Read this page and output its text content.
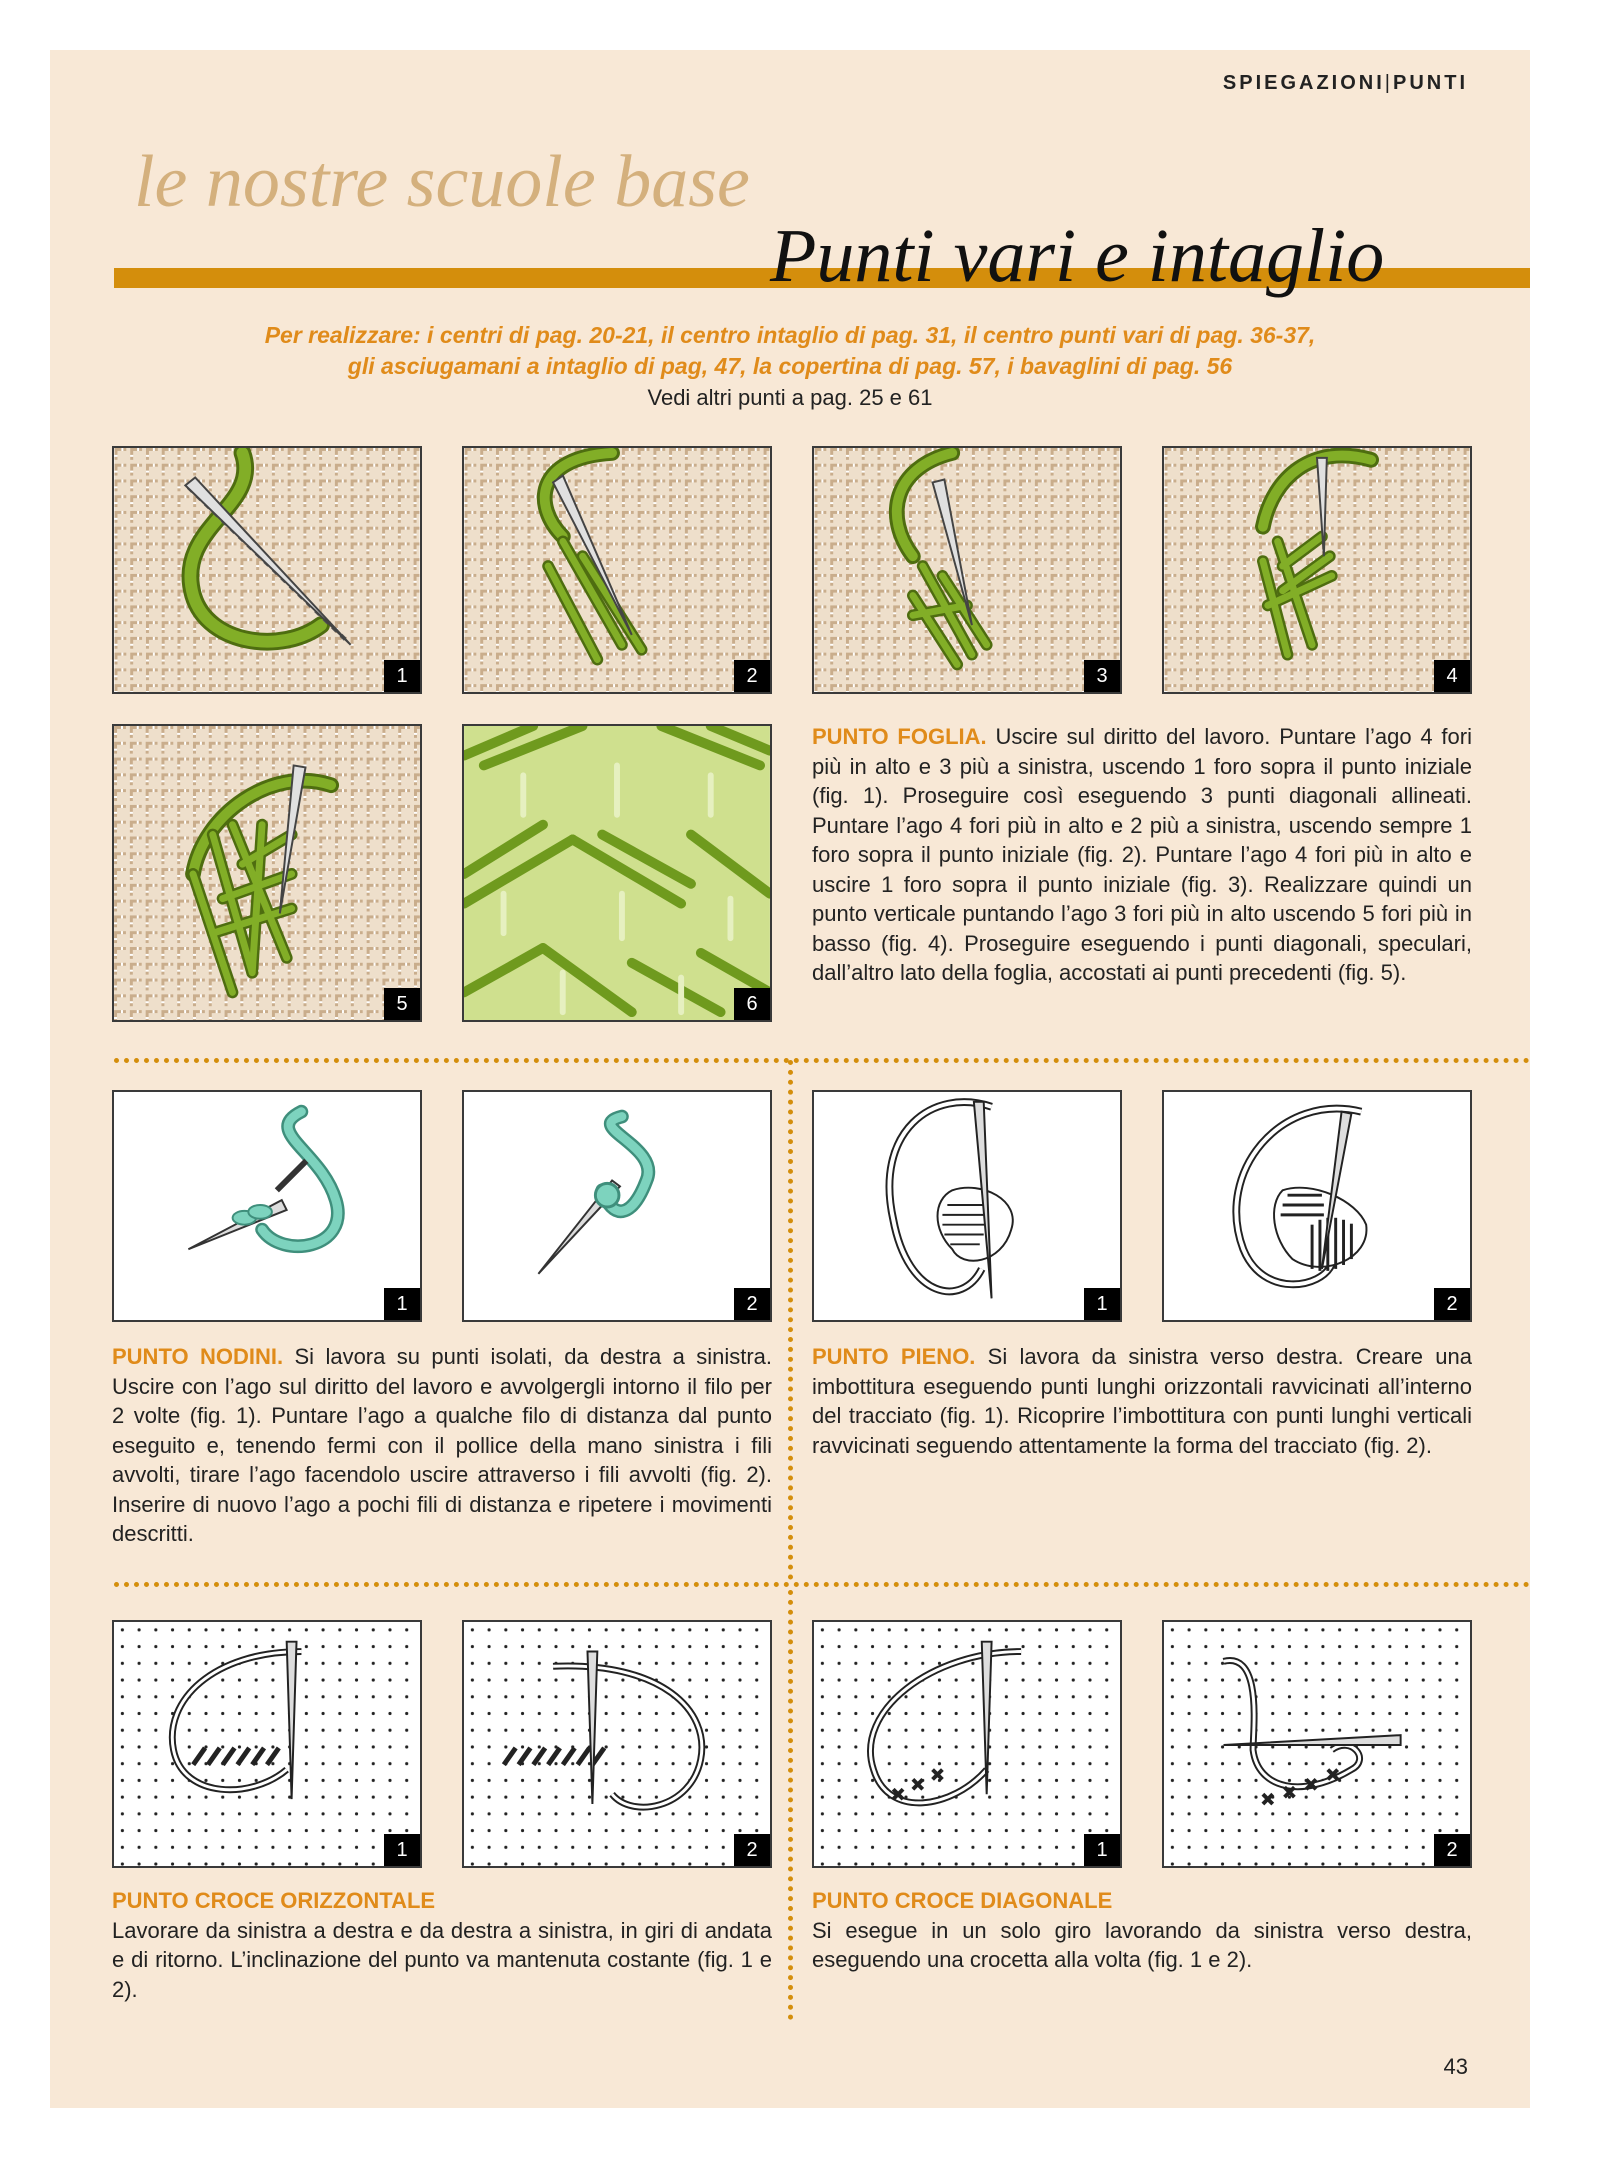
SPIEGAZIONI|PUNTI
le nostre scuole base
Punti vari e intaglio
Per realizzare: i centri di pag. 20-21, il centro intaglio di pag. 31, il centro punti vari di pag. 36-37,
gli asciugamani a intaglio di pag, 47, la copertina di pag. 57, i bavaglini di pag. 56
Vedi altri punti a pag. 25 e 61
1	2	3	4
5	6
PUNTO FOGLIA. Uscire sul diritto del lavoro. Puntare l’ago 4 fori più in alto e 3 più a sinistra, uscendo 1 foro sopra il punto iniziale (fig. 1). Proseguire così eseguendo 3 punti diagonali allineati. Puntare l’ago 4 fori più in alto e 2 più a sinistra, uscendo sempre 1 foro sopra il punto iniziale (fig. 2). Puntare l’ago 4 fori più in alto e uscire 1 foro sopra il punto iniziale (fig. 3). Realizzare quindi un punto verticale puntando l’ago 3 fori più in alto uscendo 5 fori più in basso (fig. 4). Proseguire eseguendo i punti diagonali, speculari, dall’altro lato della foglia, accostati ai punti precedenti (fig. 5).
1	2	1	2
PUNTO NODINI. Si lavora su punti isolati, da destra a sinistra. Uscire con l’ago sul diritto del lavoro e avvolgergli intorno il filo per 2 volte (fig. 1). Puntare l’ago a qualche filo di distanza dal punto eseguito e, tenendo fermi con il pollice della mano sinistra i fili avvolti, tirare l’ago facendolo uscire attraverso i fili avvolti (fig. 2). Inserire di nuovo l’ago a pochi fili di distanza e ripetere i movimenti descritti.
PUNTO PIENO. Si lavora da sinistra verso destra. Creare una imbottitura eseguendo punti lunghi orizzontali ravvicinati all’interno del tracciato (fig. 1). Ricoprire l’imbottitura con punti lunghi verticali ravvicinati seguendo attentamente la forma del tracciato (fig. 2).
1	2	1	2
PUNTO CROCE ORIZZONTALE
Lavorare da sinistra a destra e da destra a sinistra, in giri di andata e di ritorno. L’inclinazione del punto va mantenuta costante (fig. 1 e 2).
PUNTO CROCE DIAGONALE
Si esegue in un solo giro lavorando da sinistra verso destra, eseguendo una crocetta alla volta (fig. 1 e 2).
43
